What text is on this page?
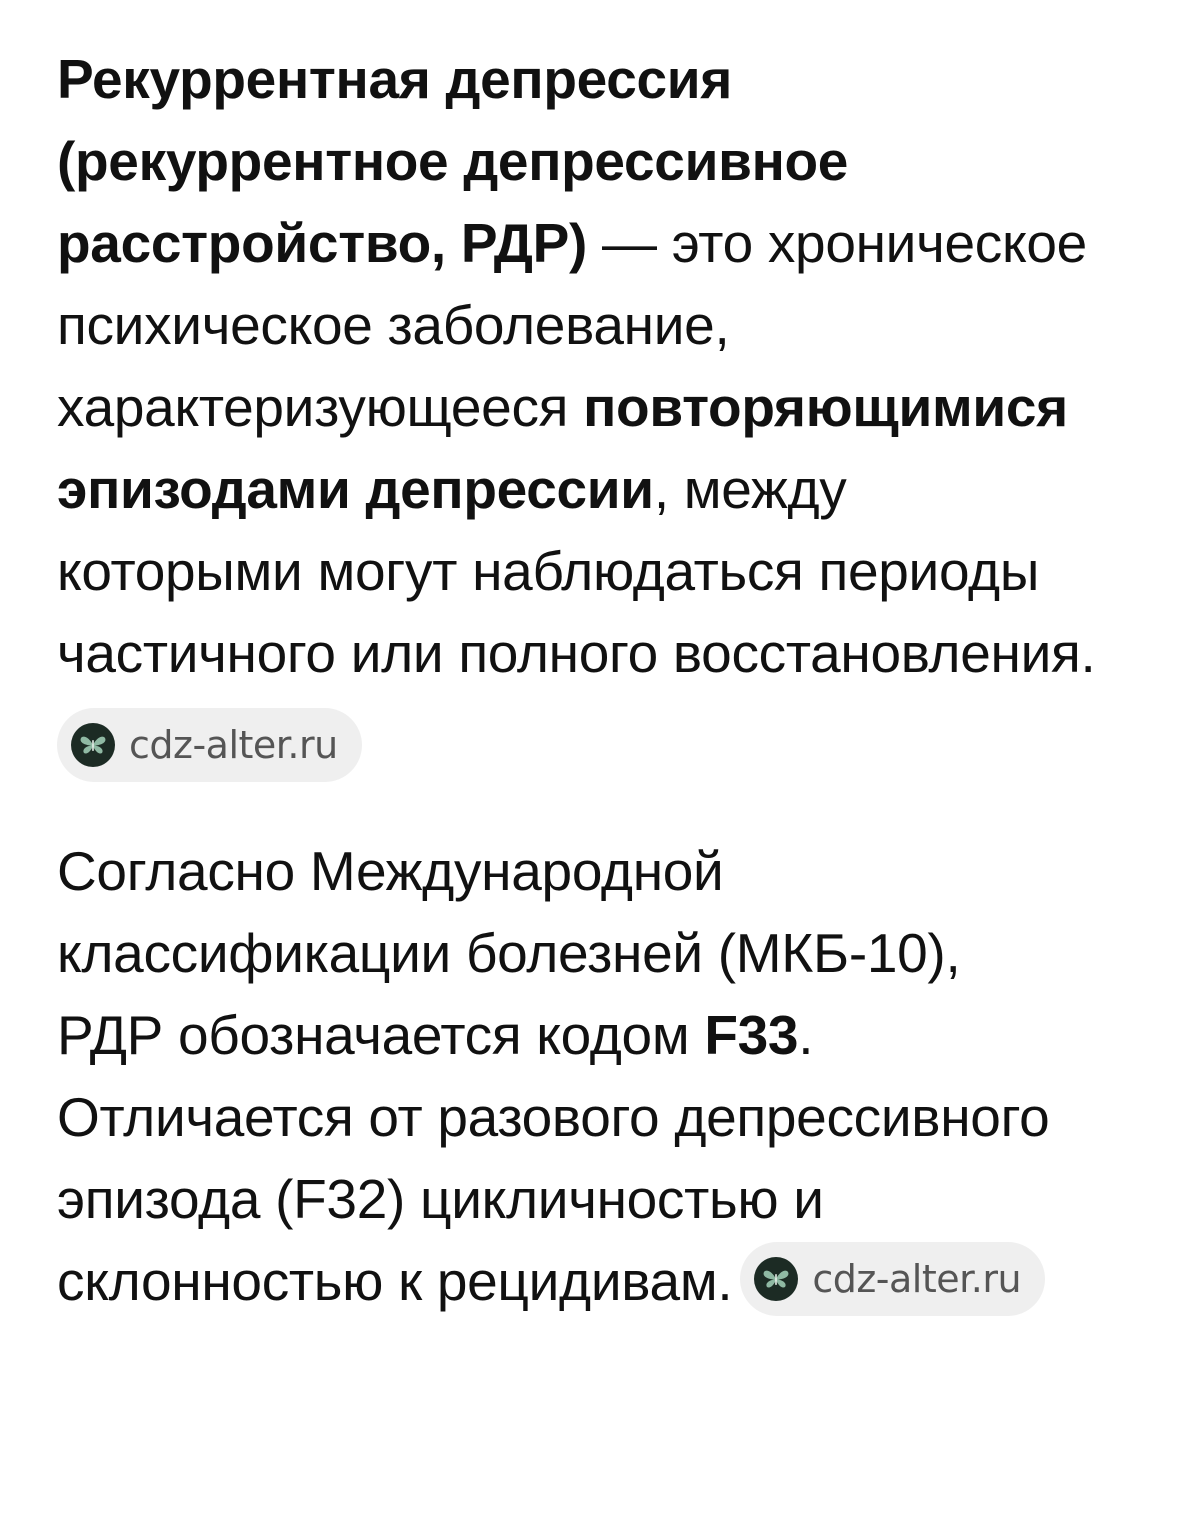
Рекуррентная депрессия (рекуррентное депрессивное расстройство, РДР) — это хроническое психическое заболевание, характеризующееся повторяющимися эпизодами депрессии, между которыми могут наблюдаться периоды частичного или полного восстановления.

cdz-alter.ru

Согласно Международной классификации болезней (МКБ-10), РДР обозначается кодом F33. Отличается от разового депрессивного эпизода (F32) цикличностью и склонностью к рецидивам. cdz-alter.ru
